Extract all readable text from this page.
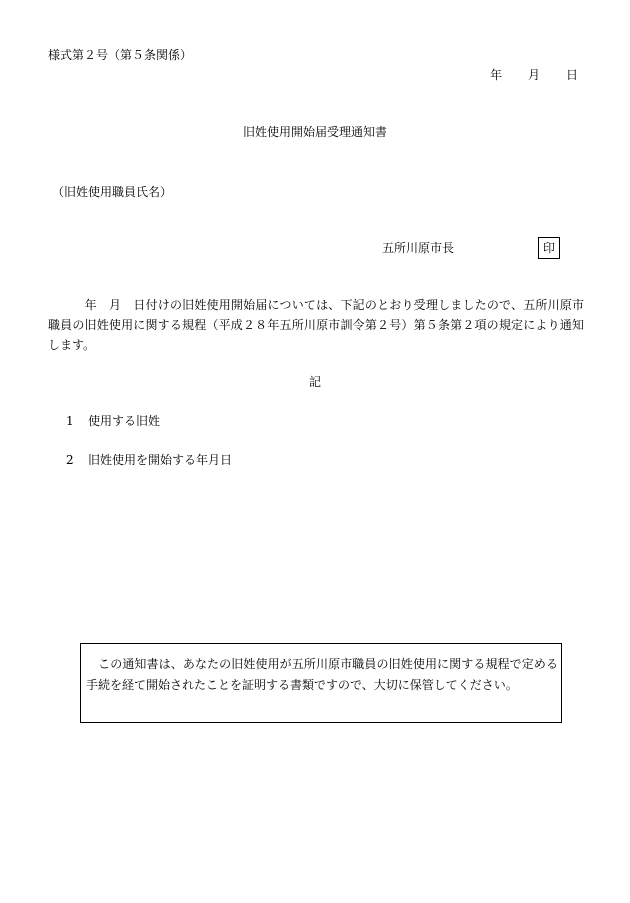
様式第２号（第５条関係）
年 月 日
旧姓使用開始届受理通知書
（旧姓使用職員氏名）
五所川原市長	印
　　　年　月　日付けの旧姓使用開始届については、下記のとおり受理しましたので、五所川原市職員の旧姓使用に関する規程（平成２８年五所川原市訓令第２号）第５条第２項の規定により通知します。
記
1 使用する旧姓
2 旧姓使用を開始する年月日
　この通知書は、あなたの旧姓使用が五所川原市職員の旧姓使用に関する規程で定める手続を経て開始されたことを証明する書類ですので、大切に保管してください。
